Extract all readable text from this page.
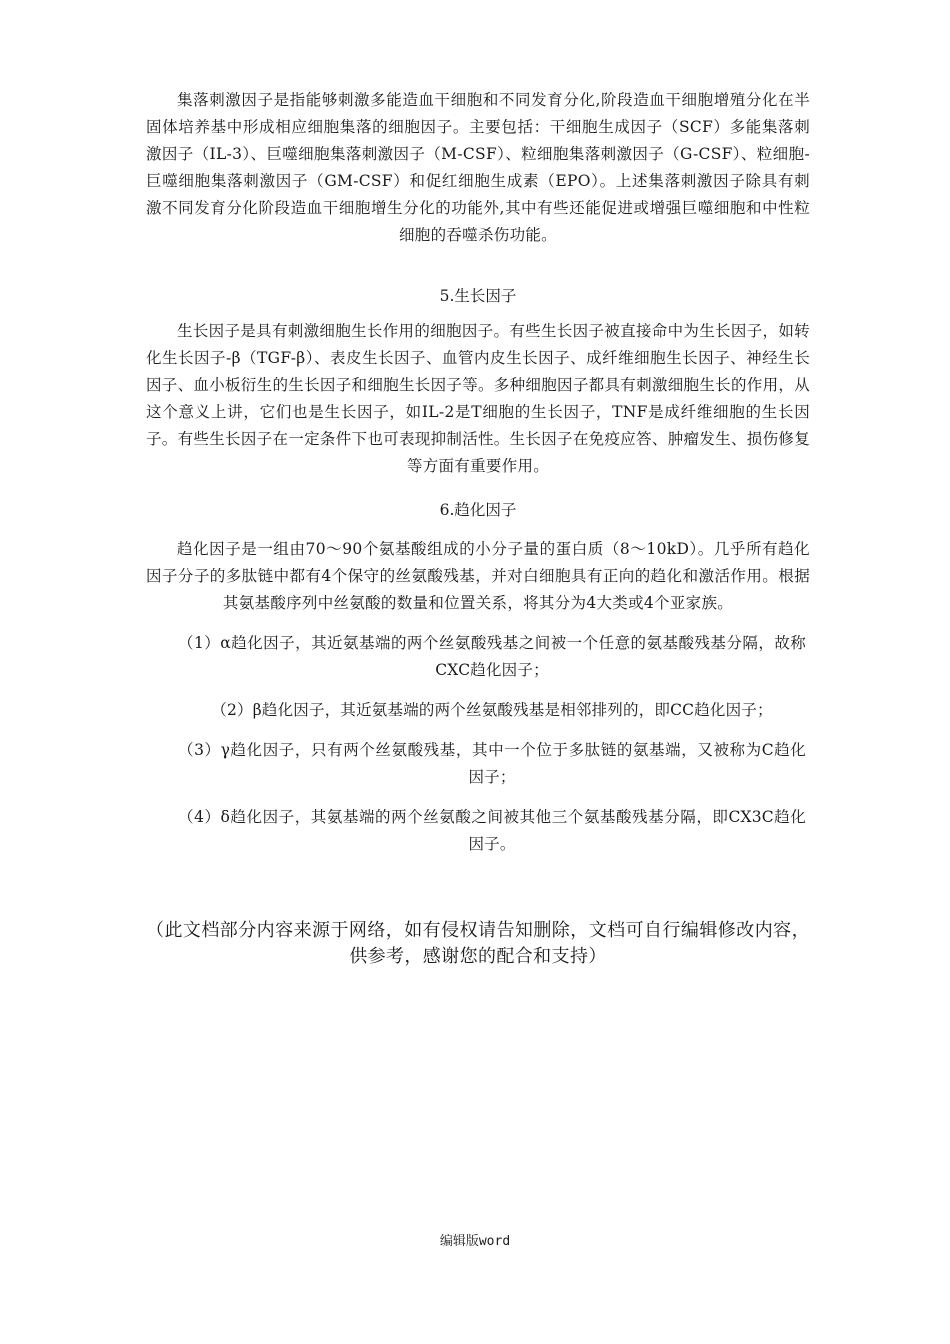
集落刺激因子是指能够刺激多能造血干细胞和不同发育分化,阶段造血干细胞增殖分化在半固体培养基中形成相应细胞集落的细胞因子。主要包括：干细胞生成因子（SCF）多能集落刺激因子（IL-3）、巨噬细胞集落刺激因子（M-CSF）、粒细胞集落刺激因子（G-CSF）、粒细胞-巨噬细胞集落刺激因子（GM-CSF）和促红细胞生成素（EPO）。上述集落刺激因子除具有刺激不同发育分化阶段造血干细胞增生分化的功能外,其中有些还能促进或增强巨噬细胞和中性粒细胞的吞噬杀伤功能。

5.生长因子

生长因子是具有刺激细胞生长作用的细胞因子。有些生长因子被直接命中为生长因子，如转化生长因子-β（TGF-β）、表皮生长因子、血管内皮生长因子、成纤维细胞生长因子、神经生长因子、血小板衍生的生长因子和细胞生长因子等。多种细胞因子都具有刺激细胞生长的作用，从这个意义上讲，它们也是生长因子，如IL-2是T细胞的生长因子，TNF是成纤维细胞的生长因子。有些生长因子在一定条件下也可表现抑制活性。生长因子在免疫应答、肿瘤发生、损伤修复等方面有重要作用。

6.趋化因子

趋化因子是一组由70～90个氨基酸组成的小分子量的蛋白质（8～10kD）。几乎所有趋化因子分子的多肽链中都有4个保守的丝氨酸残基，并对白细胞具有正向的趋化和激活作用。根据其氨基酸序列中丝氨酸的数量和位置关系，将其分为4大类或4个亚家族。

（1）α趋化因子，其近氨基端的两个丝氨酸残基之间被一个任意的氨基酸残基分隔，故称CXC趋化因子；

（2）β趋化因子，其近氨基端的两个丝氨酸残基是相邻排列的，即CC趋化因子；

（3）γ趋化因子，只有两个丝氨酸残基，其中一个位于多肽链的氨基端，又被称为C趋化因子；

（4）δ趋化因子，其氨基端的两个丝氨酸之间被其他三个氨基酸残基分隔，即CX3C趋化因子。

（此文档部分内容来源于网络，如有侵权请告知删除，文档可自行编辑修改内容，供参考，感谢您的配合和支持）

编辑版word
